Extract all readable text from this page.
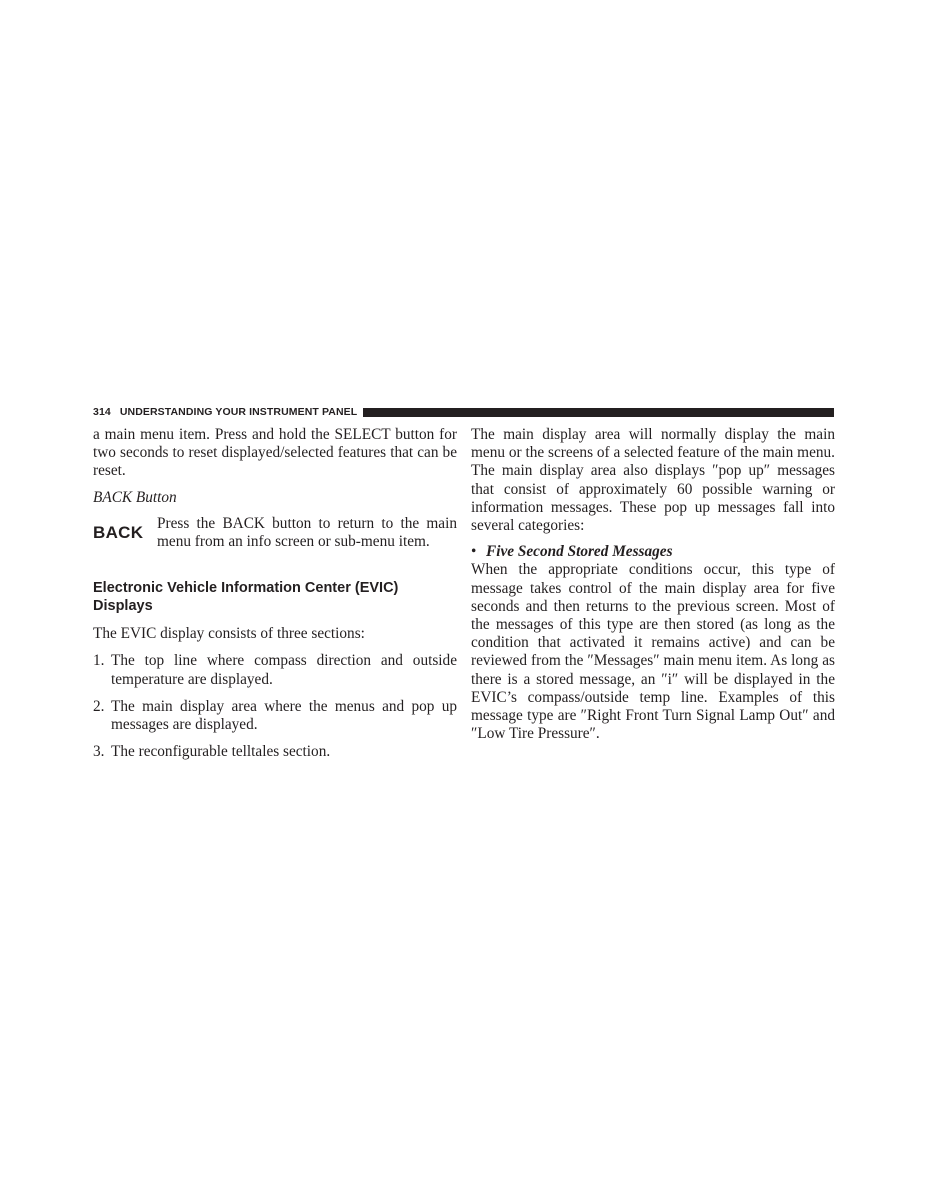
314 UNDERSTANDING YOUR INSTRUMENT PANEL

a main menu item. Press and hold the SELECT button for two seconds to reset displayed/selected features that can be reset.

BACK Button

BACK
Press the BACK button to return to the main menu from an info screen or sub-menu item.
Electronic Vehicle Information Center (EVIC) Displays

The EVIC display consists of three sections:

1. The top line where compass direction and outside temperature are displayed.
2. The main display area where the menus and pop up messages are displayed.
3. The reconfigurable telltales section.

The main display area will normally display the main menu or the screens of a selected feature of the main menu. The main display area also displays ″pop up″ messages that consist of approximately 60 possible warning or information messages. These pop up messages fall into several categories:

• Five Second Stored Messages

When the appropriate conditions occur, this type of message takes control of the main display area for five seconds and then returns to the previous screen. Most of the messages of this type are then stored (as long as the condition that activated it remains active) and can be reviewed from the ″Messages″ main menu item. As long as there is a stored message, an ″i″ will be displayed in the EVIC’s compass/outside temp line. Examples of this message type are ″Right Front Turn Signal Lamp Out″ and ″Low Tire Pressure″.
